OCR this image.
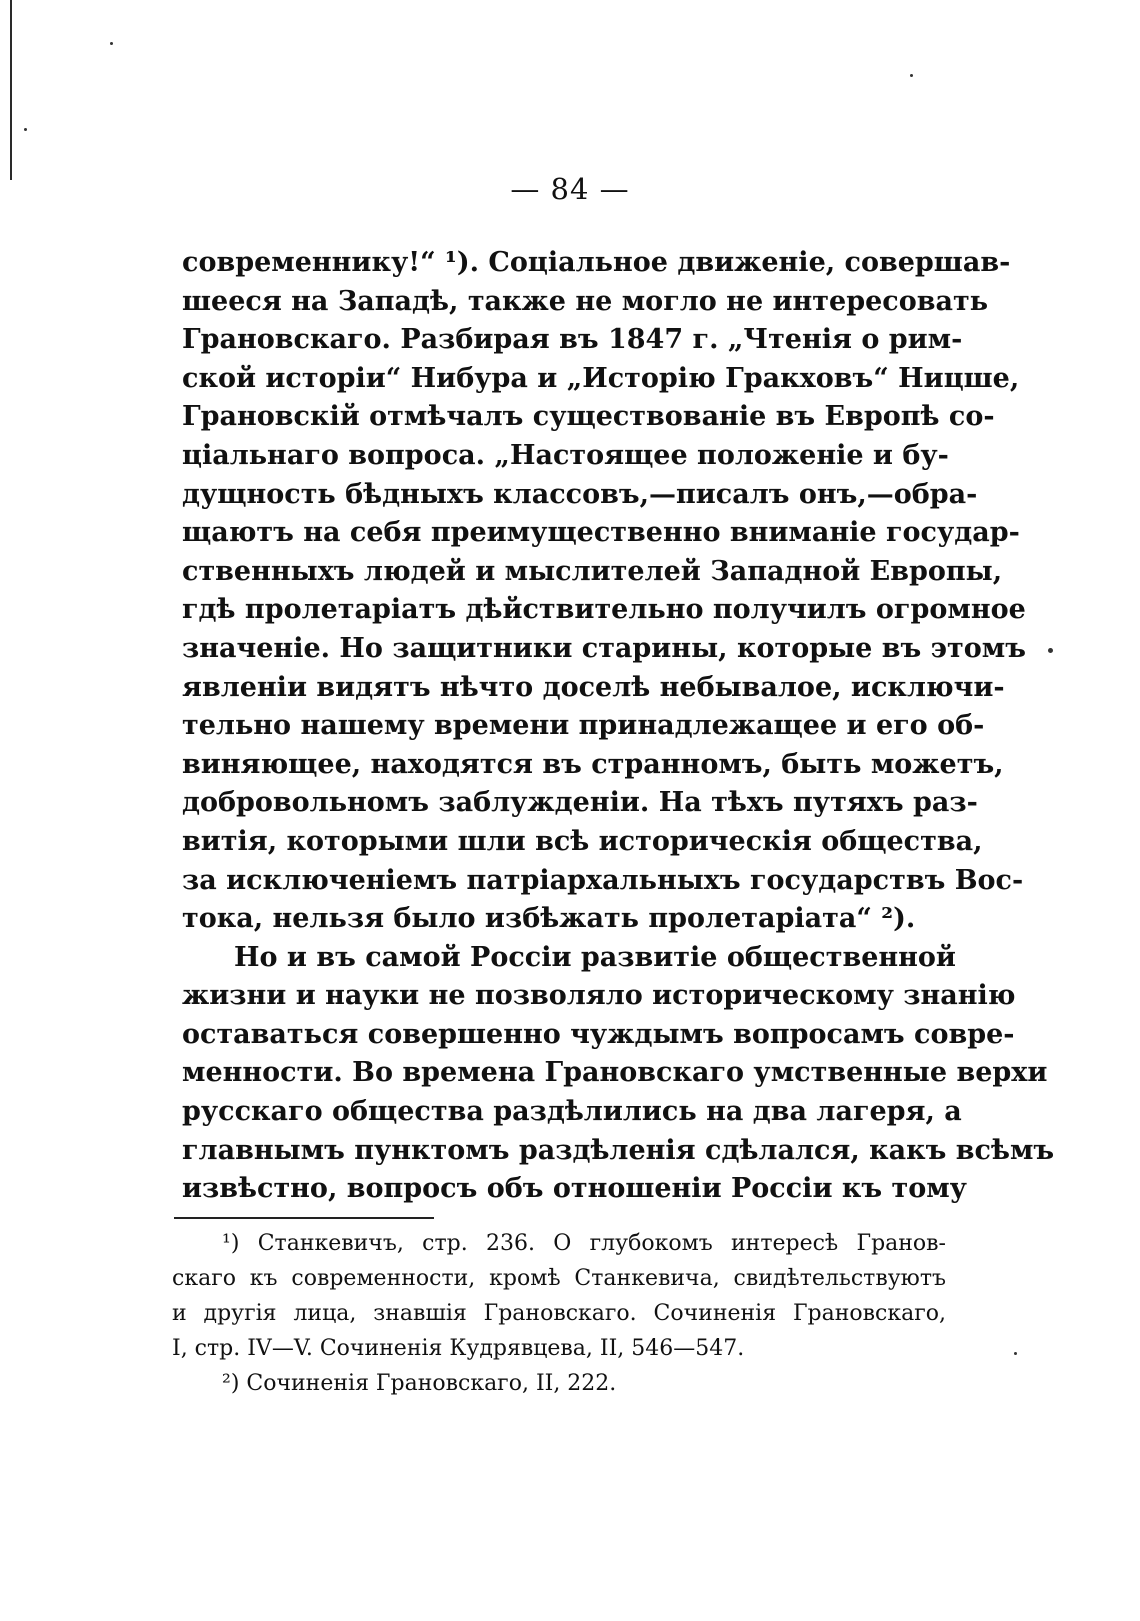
— 84 —
современнику!“ ¹). Соціальное движеніе, совершав-
шееся на Западѣ, также не могло не интересовать
Грановскаго. Разбирая въ 1847 г. „Чтенія о рим-
ской исторіи“ Нибура и „Исторію Гракховъ“ Ницше,
Грановскій отмѣчалъ существованіе въ Европѣ со-
ціальнаго вопроса. „Настоящее положеніе и бу-
дущность бѣдныхъ классовъ,—писалъ онъ,—обра-
щаютъ на себя преимущественно вниманіе государ-
ственныхъ людей и мыслителей Западной Европы,
гдѣ пролетаріатъ дѣйствительно получилъ огромное
значеніе. Но защитники старины, которые въ этомъ
явленіи видятъ нѣчто доселѣ небывалое, исключи-
тельно нашему времени принадлежащее и его об-
виняющее, находятся въ странномъ, быть можетъ,
добровольномъ заблужденіи. На тѣхъ путяхъ раз-
витія, которыми шли всѣ историческія общества,
за исключеніемъ патріархальныхъ государствъ Вос-
тока, нельзя было избѣжать пролетаріата“ ²).
Но и въ самой Россіи развитіе общественной
жизни и науки не позволяло историческому знанію
оставаться совершенно чуждымъ вопросамъ совре-
менности. Во времена Грановскаго умственные верхи
русскаго общества раздѣлились на два лагеря, а
главнымъ пунктомъ раздѣленія сдѣлался, какъ всѣмъ
извѣстно, вопросъ объ отношеніи Россіи къ тому
¹) Станкевичъ, стр. 236. О глубокомъ интересѣ Гранов-
скаго къ современности, кромѣ Станкевича, свидѣтельствуютъ
и другія лица, знавшія Грановскаго. Сочиненія Грановскаго,
I, стр. IV—V. Сочиненія Кудрявцева, II, 546—547.
²) Сочиненія Грановскаго, II, 222.
